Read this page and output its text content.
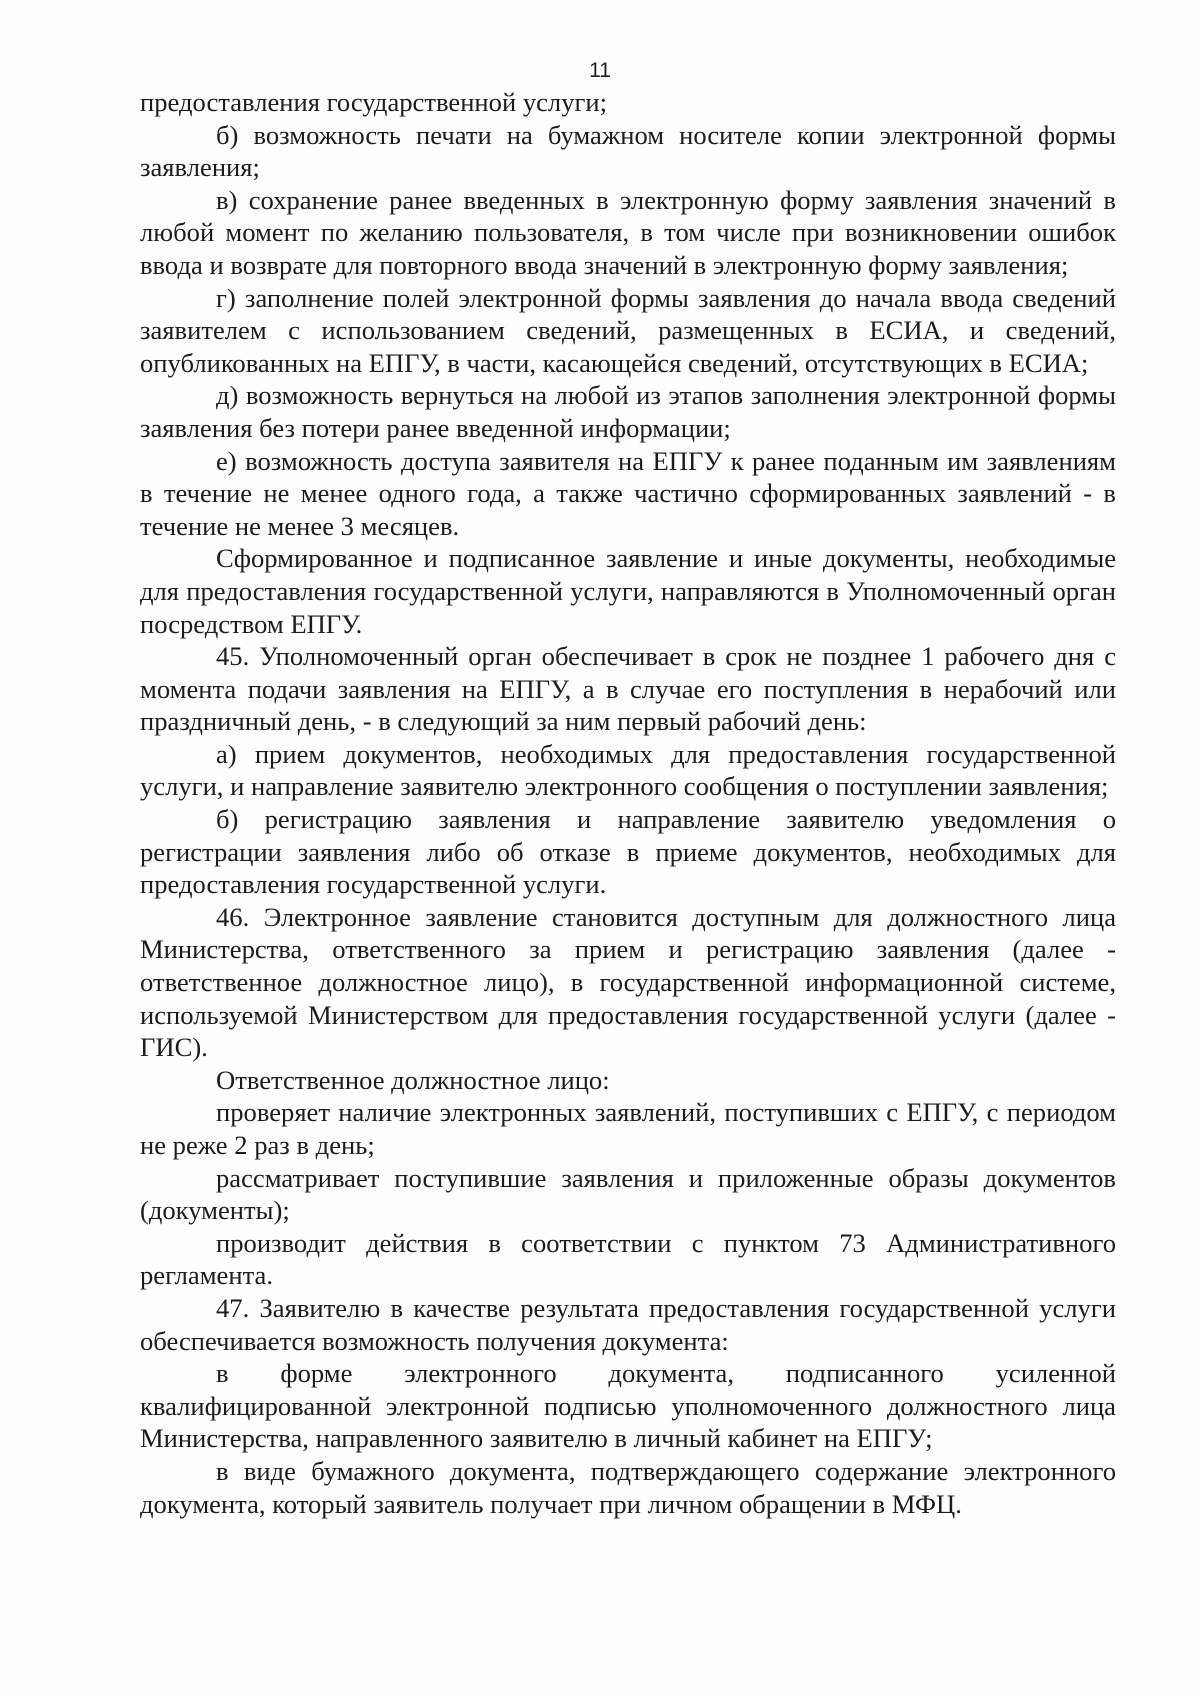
11

предоставления государственной услуги;

б) возможность печати на бумажном носителе копии электронной формы заявления;

в) сохранение ранее введенных в электронную форму заявления значений в любой момент по желанию пользователя, в том числе при возникновении ошибок ввода и возврате для повторного ввода значений в электронную форму заявления;

г) заполнение полей электронной формы заявления до начала ввода сведений заявителем с использованием сведений, размещенных в ЕСИА, и сведений, опубликованных на ЕПГУ, в части, касающейся сведений, отсутствующих в ЕСИА;

д) возможность вернуться на любой из этапов заполнения электронной формы заявления без потери ранее введенной информации;

е) возможность доступа заявителя на ЕПГУ к ранее поданным им заявлениям в течение не менее одного года, а также частично сформированных заявлений - в течение не менее 3 месяцев.

Сформированное и подписанное заявление и иные документы, необходимые для предоставления государственной услуги, направляются в Уполномоченный орган посредством ЕПГУ.

45. Уполномоченный орган обеспечивает в срок не позднее 1 рабочего дня с момента подачи заявления на ЕПГУ, а в случае его поступления в нерабочий или праздничный день, - в следующий за ним первый рабочий день:

а) прием документов, необходимых для предоставления государственной услуги, и направление заявителю электронного сообщения о поступлении заявления;

б) регистрацию заявления и направление заявителю уведомления о регистрации заявления либо об отказе в приеме документов, необходимых для предоставления государственной услуги.

46. Электронное заявление становится доступным для должностного лица Министерства, ответственного за прием и регистрацию заявления (далее - ответственное должностное лицо), в государственной информационной системе, используемой Министерством для предоставления государственной услуги (далее - ГИС).

Ответственное должностное лицо:

проверяет наличие электронных заявлений, поступивших с ЕПГУ, с периодом не реже 2 раз в день;

рассматривает поступившие заявления и приложенные образы документов (документы);

производит действия в соответствии с пунктом 73 Административного регламента.

47. Заявителю в качестве результата предоставления государственной услуги обеспечивается возможность получения документа:

в форме электронного документа, подписанного усиленной квалифицированной электронной подписью уполномоченного должностного лица Министерства, направленного заявителю в личный кабинет на ЕПГУ;

в виде бумажного документа, подтверждающего содержание электронного документа, который заявитель получает при личном обращении в МФЦ.
